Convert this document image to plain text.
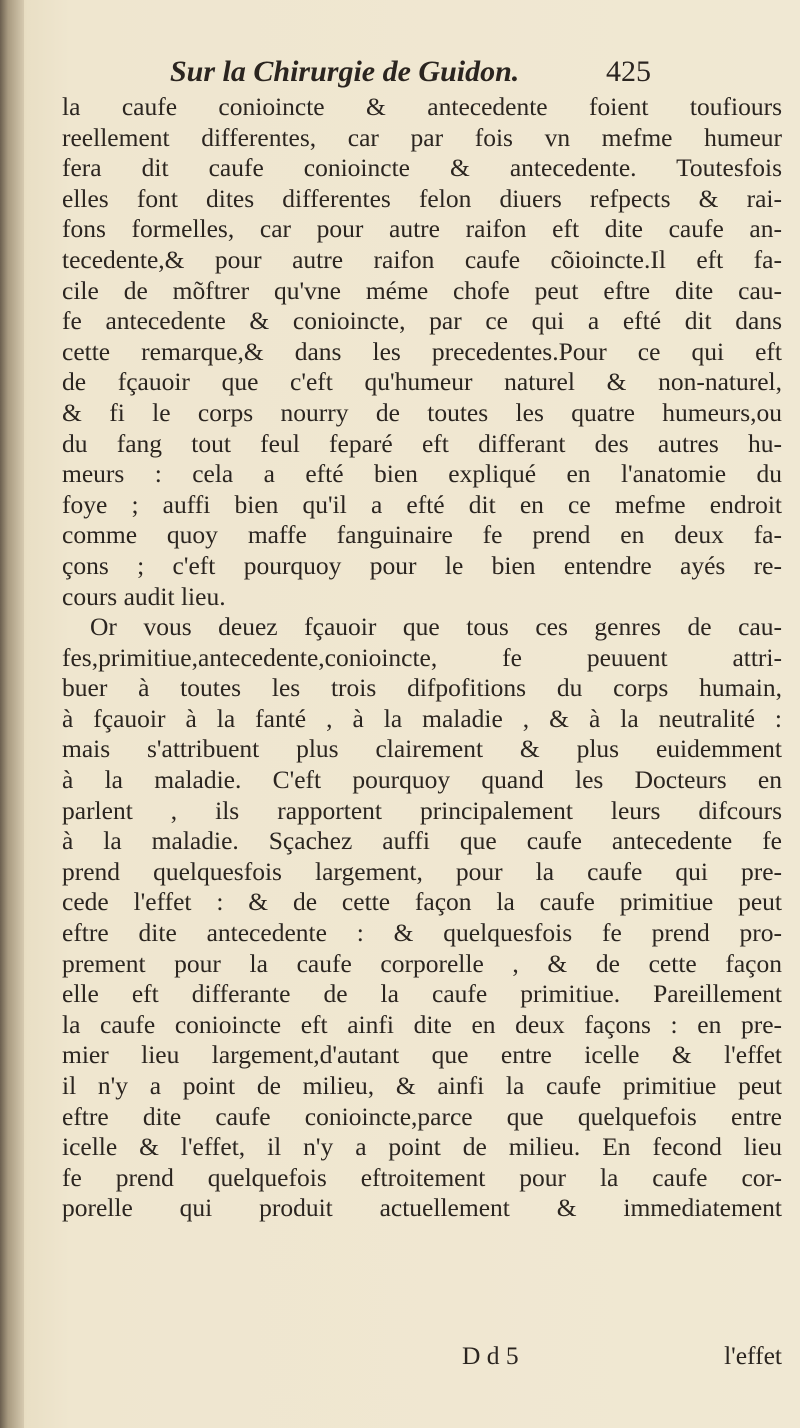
Sur la Chirurgie de Guidon.	425
la caufe conioincte & antecedente foient toufiours
reellement differentes, car par fois vn mefme humeur
fera dit caufe conioincte & antecedente. Toutesfois
elles font dites differentes felon diuers refpects & rai-
fons formelles, car pour autre raifon eft dite caufe an-
tecedente,& pour autre raifon caufe cõioincte.Il eft fa-
cile de mõftrer qu'vne méme chofe peut eftre dite cau-
fe antecedente & conioincte, par ce qui a efté dit dans
cette remarque,& dans les precedentes.Pour ce qui eft
de fçauoir que c'eft qu'humeur naturel & non-naturel,
& fi le corps nourry de toutes les quatre humeurs,ou
du fang tout feul feparé eft differant des autres hu-
meurs : cela a efté bien expliqué en l'anatomie du
foye ; auffi bien qu'il a efté dit en ce mefme endroit
comme quoy maffe fanguinaire fe prend en deux fa-
çons ; c'eft pourquoy pour le bien entendre ayés re-
cours audit lieu.
Or vous deuez fçauoir que tous ces genres de cau-
fes,primitiue,antecedente,conioincte, fe peuuent attri-
buer à toutes les trois difpofitions du corps humain,
à fçauoir à la fanté , à la maladie , & à la neutralité :
mais s'attribuent plus clairement & plus euidemment
à la maladie. C'eft pourquoy quand les Docteurs en
parlent , ils rapportent principalement leurs difcours
à la maladie. Sçachez auffi que caufe antecedente fe
prend quelquesfois largement, pour la caufe qui pre-
cede l'effet : & de cette façon la caufe primitiue peut
eftre dite antecedente : & quelquesfois fe prend pro-
prement pour la caufe corporelle , & de cette façon
elle eft differante de la caufe primitiue. Pareillement
la caufe conioincte eft ainfi dite en deux façons : en pre-
mier lieu largement,d'autant que entre icelle & l'effet
il n'y a point de milieu, & ainfi la caufe primitiue peut
eftre dite caufe conioincte,parce que quelquefois entre
icelle & l'effet, il n'y a point de milieu. En fecond lieu
fe prend quelquefois eftroitement pour la caufe cor-
porelle qui produit actuellement & immediatement
D d 5	l'effet
